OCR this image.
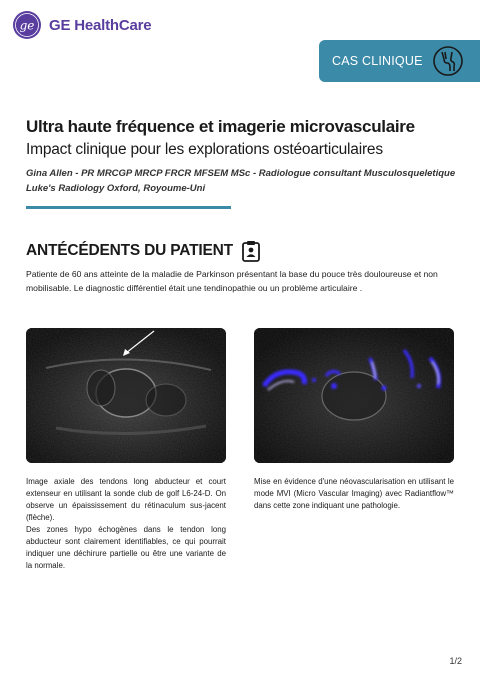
ge GE HealthCare
CAS CLINIQUE
Ultra haute fréquence et imagerie microvasculaire
Impact clinique pour les explorations ostéoarticulaires
Gina Allen - PR MRCGP MRCP FRCR MFSEM MSc - Radiologue consultant Musculosqueletique
Luke's Radiology Oxford, Royoume-Uni
ANTÉCÉDENTS DU PATIENT
Patiente de 60 ans atteinte de la maladie de Parkinson présentant la base du pouce très douloureuse et non mobilisable. Le diagnostic différentiel était une tendinopathie ou un problème articulaire .

Image axiale des tendons long abducteur et court extenseur en utilisant la sonde club de golf L6-24-D. On observe un épaississement du rétinaculum sus-jacent (flèche).

Des zones hypo échogènes dans le tendon long abducteur sont clairement identifiables, ce qui pourrait indiquer une déchirure partielle ou être une variante de la normale.

Mise en évidence d'une néovascularisation en utilisant le mode MVI (Micro Vascular Imaging) avec Radiantflow™ dans cette zone indiquant une pathologie.

1/2
